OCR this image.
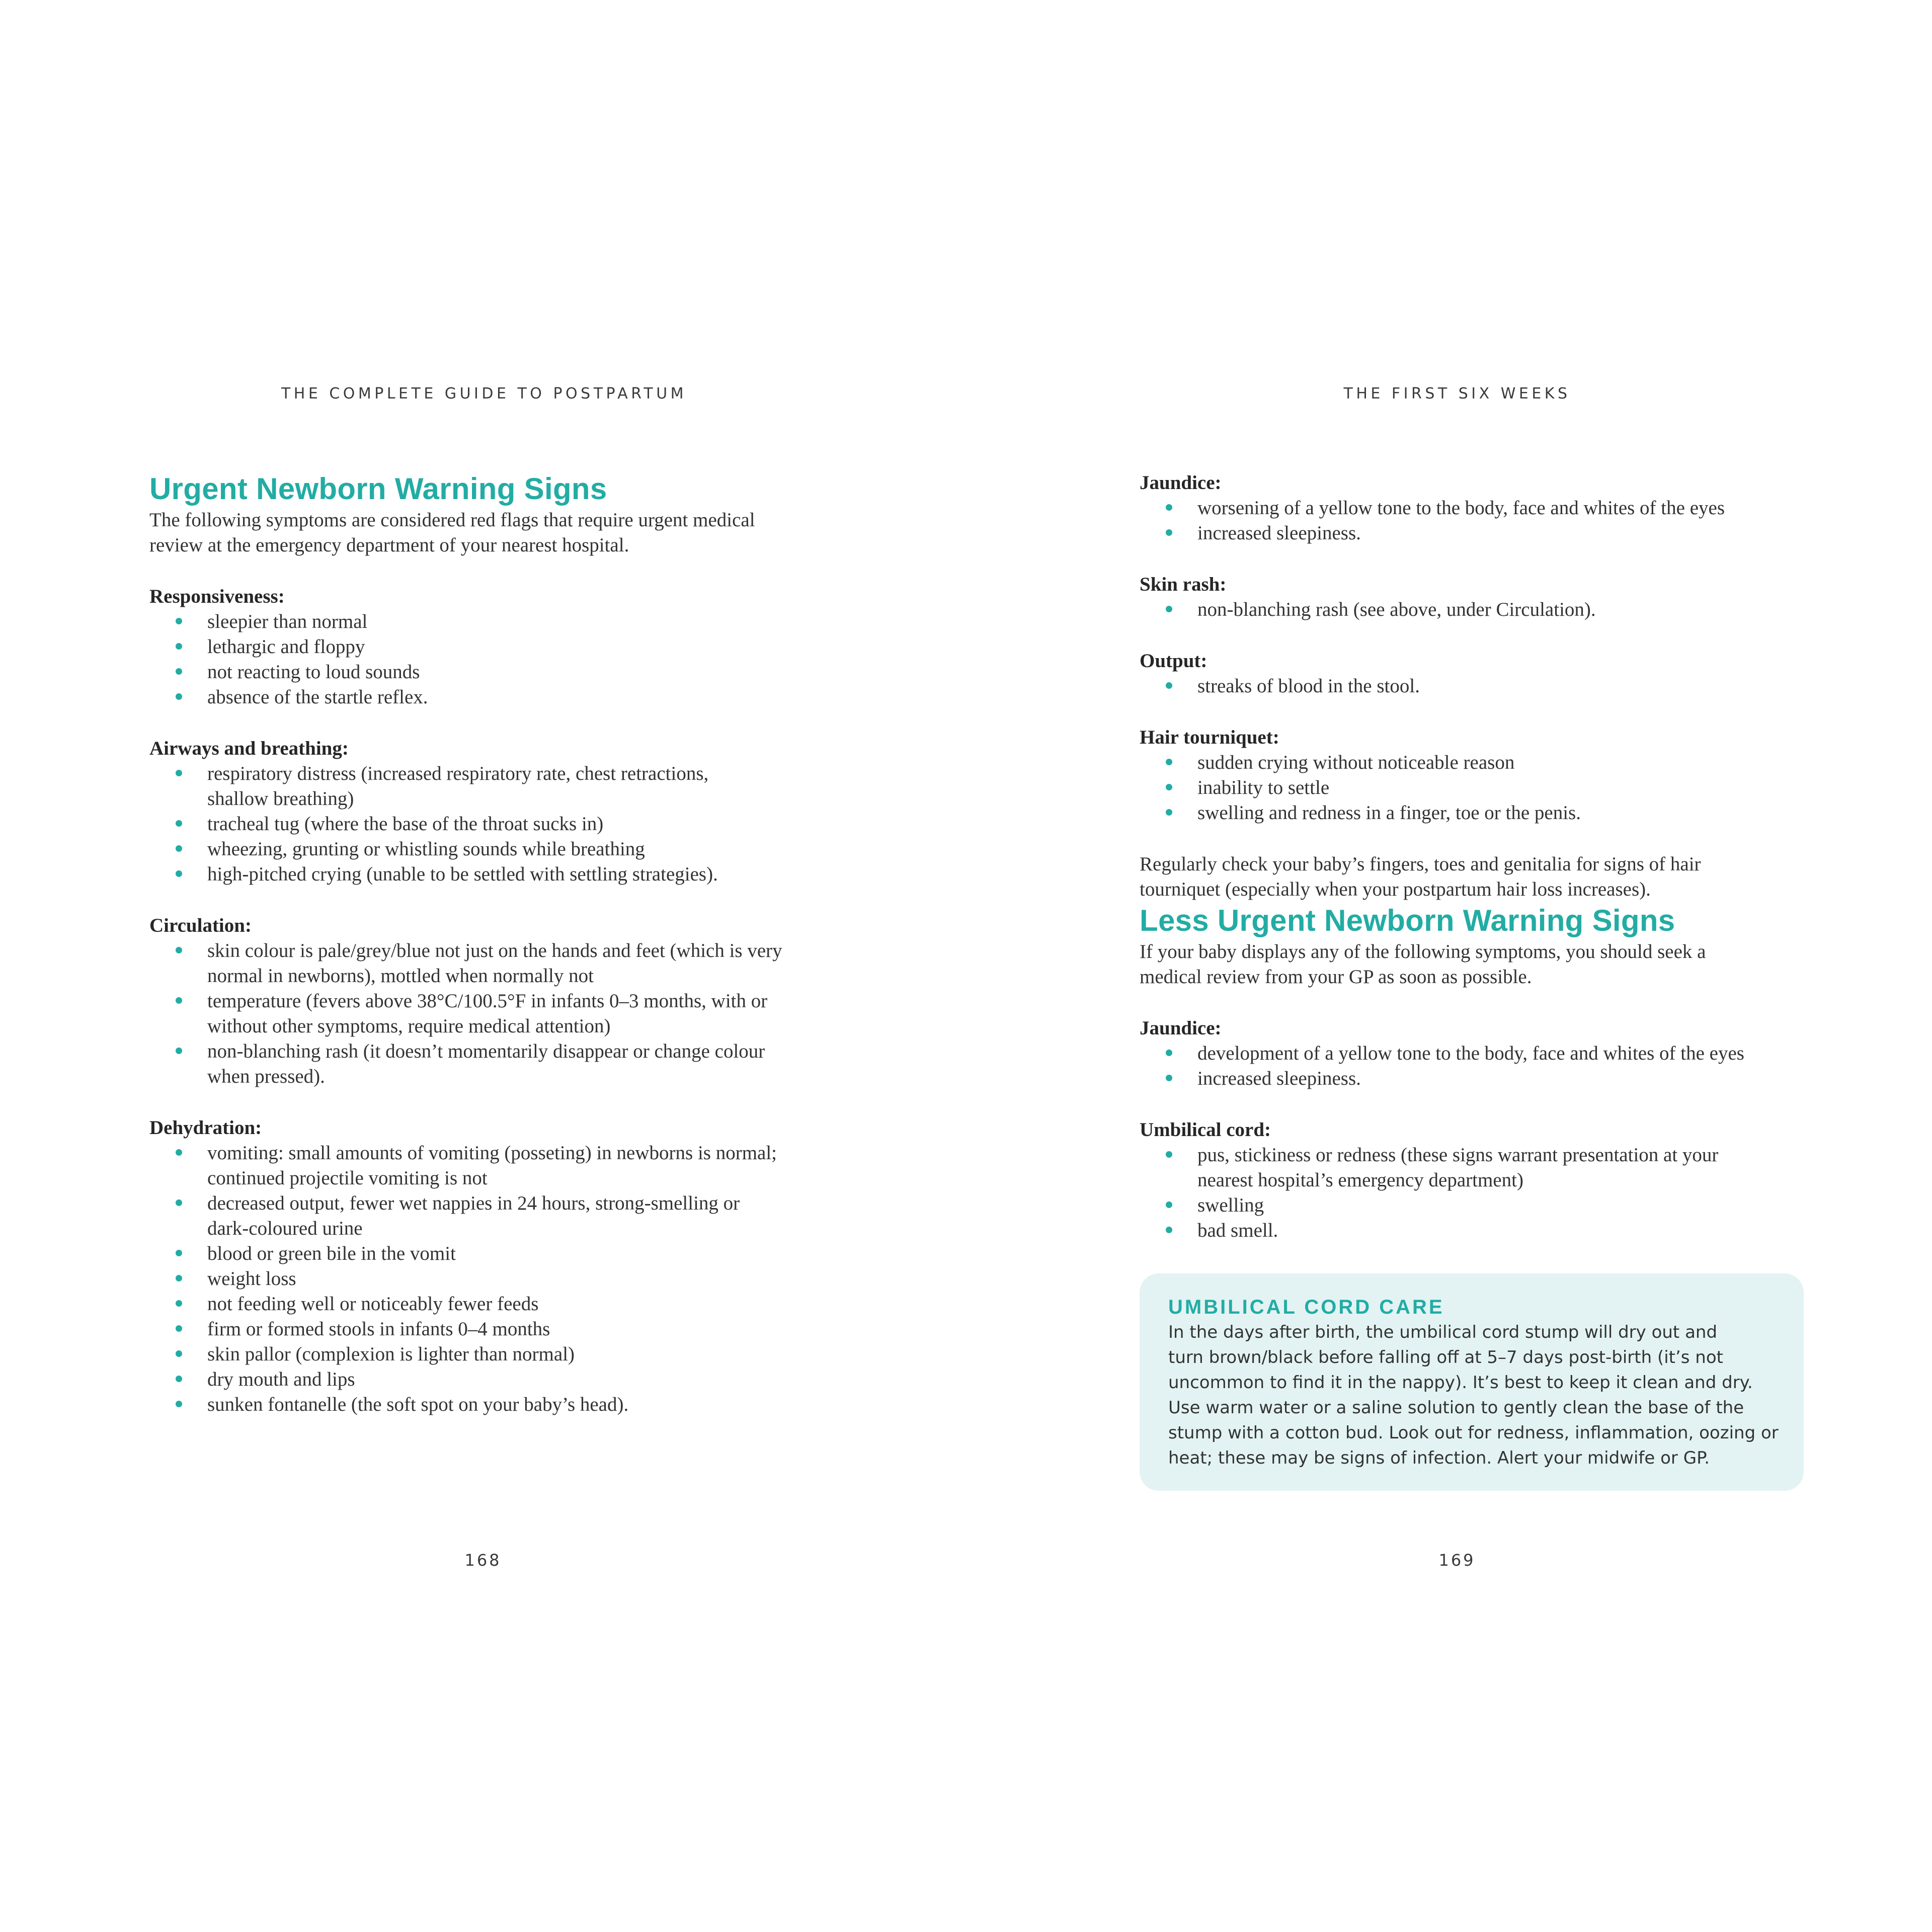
THE COMPLETE GUIDE TO POSTPARTUM
Urgent Newborn Warning Signs

The following symptoms are considered red flags that require urgent medical
review at the emergency department of your nearest hospital.

Responsiveness:

sleepier than normal
lethargic and floppy
not reacting to loud sounds
absence of the startle reflex.

Airways and breathing:

respiratory distress (increased respiratory rate, chest retractions,
shallow breathing)
tracheal tug (where the base of the throat sucks in)
wheezing, grunting or whistling sounds while breathing
high-pitched crying (unable to be settled with settling strategies).

Circulation:

skin colour is pale/grey/blue not just on the hands and feet (which is very
normal in newborns), mottled when normally not
temperature (fevers above 38°C/100.5°F in infants 0–3 months, with or
without other symptoms, require medical attention)
non-blanching rash (it doesn’t momentarily disappear or change colour
when pressed).

Dehydration:

vomiting: small amounts of vomiting (posseting) in newborns is normal;
continued projectile vomiting is not
decreased output, fewer wet nappies in 24 hours, strong-smelling or
dark-coloured urine
blood or green bile in the vomit
weight loss
not feeding well or noticeably fewer feeds
firm or formed stools in infants 0–4 months
skin pallor (complexion is lighter than normal)
dry mouth and lips
sunken fontanelle (the soft spot on your baby’s head).
168
THE FIRST SIX WEEKS

Jaundice:

worsening of a yellow tone to the body, face and whites of the eyes
increased sleepiness.

Skin rash:

non-blanching rash (see above, under Circulation).

Output:

streaks of blood in the stool.

Hair tourniquet:

sudden crying without noticeable reason
inability to settle
swelling and redness in a finger, toe or the penis.

Regularly check your baby’s fingers, toes and genitalia for signs of hair
tourniquet (especially when your postpartum hair loss increases).

Less Urgent Newborn Warning Signs

If your baby displays any of the following symptoms, you should seek a
medical review from your GP as soon as possible.

Jaundice:

development of a yellow tone to the body, face and whites of the eyes
increased sleepiness.

Umbilical cord:

pus, stickiness or redness (these signs warrant presentation at your
nearest hospital’s emergency department)
swelling
bad smell.

UMBILICAL CORD CARE

In the days after birth, the umbilical cord stump will dry out and
turn brown/black before falling off at 5–7 days post-birth (it’s not
uncommon to find it in the nappy). It’s best to keep it clean and dry.
Use warm water or a saline solution to gently clean the base of the
stump with a cotton bud. Look out for redness, inflammation, oozing or
heat; these may be signs of infection. Alert your midwife or GP.

169
